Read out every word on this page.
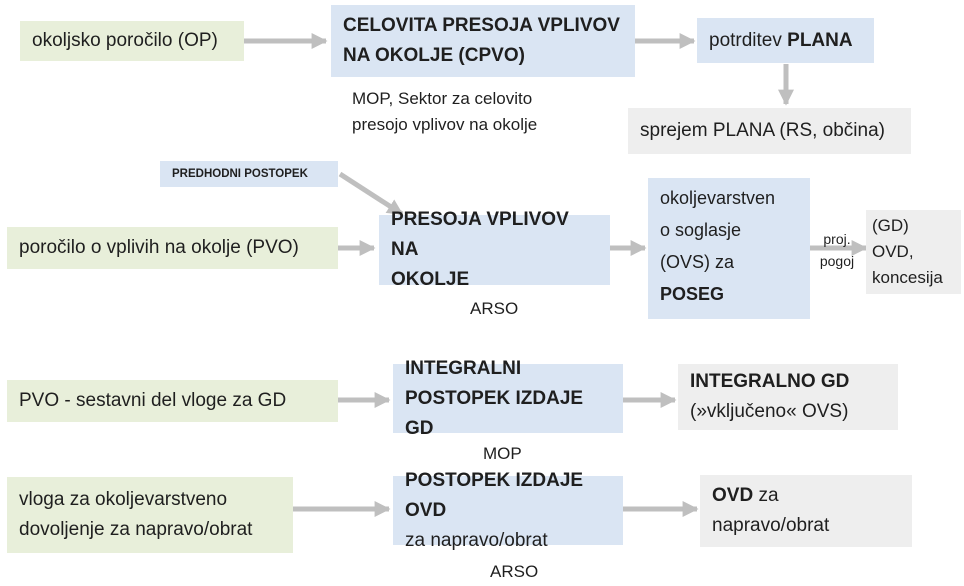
okoljsko poročilo (OP)
CELOVITA PRESOJA VPLIVOV
NA OKOLJE (CPVO)
MOP, Sektor za celovito
presojo vplivov na okolje
potrditev PLANA
sprejem PLANA (RS, občina)
PREDHODNI POSTOPEK
poročilo o vplivih na okolje (PVO)
PRESOJA VPLIVOV NA
OKOLJE
ARSO
okoljevarstven
o soglasje
(OVS) za
POSEG
proj.
pogoj
(GD)
OVD,
koncesija
PVO - sestavni del vloge za GD
INTEGRALNI
POSTOPEK IZDAJE GD
MOP
INTEGRALNO GD
(»vključeno« OVS)
vloga za okoljevarstveno
dovoljenje za napravo/obrat
POSTOPEK IZDAJE OVD
za napravo/obrat
ARSO
OVD za
napravo/obrat
